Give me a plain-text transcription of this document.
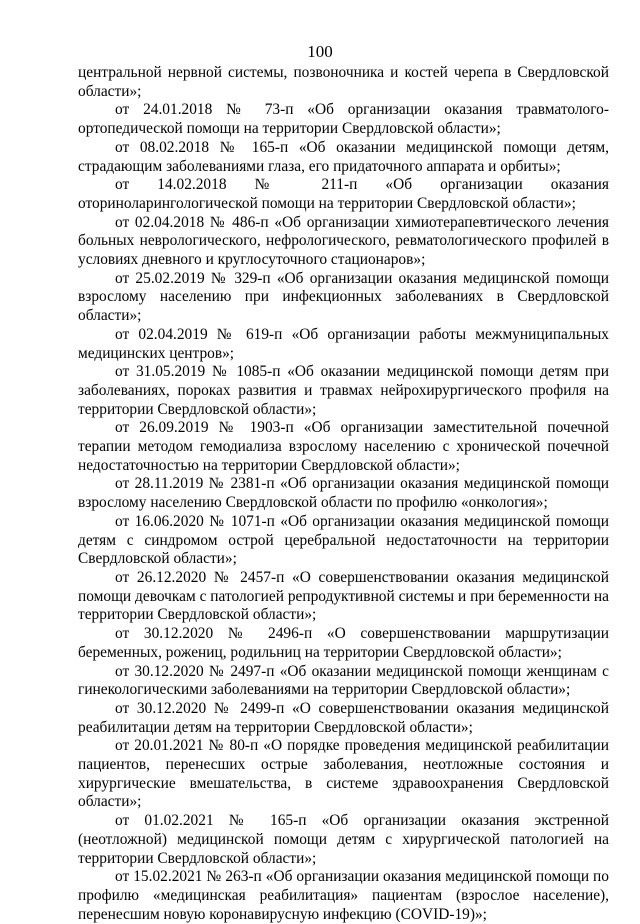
100

центральной нервной системы, позвоночника и костей черепа в Свердловской области»;

от 24.01.2018 № 73-п «Об организации оказания травматолого-ортопедической помощи на территории Свердловской области»;

от 08.02.2018 № 165-п «Об оказании медицинской помощи детям, страдающим заболеваниями глаза, его придаточного аппарата и орбиты»;

от 14.02.2018 № 211-п «Об организации оказания оториноларингологической помощи на территории Свердловской области»;

от 02.04.2018 № 486-п «Об организации химиотерапевтического лечения больных неврологического, нефрологического, ревматологического профилей в условиях дневного и круглосуточного стационаров»;

от 25.02.2019 № 329-п «Об организации оказания медицинской помощи взрослому населению при инфекционных заболеваниях в Свердловской области»;

от 02.04.2019 № 619-п «Об организации работы межмуниципальных медицинских центров»;

от 31.05.2019 № 1085-п «Об оказании медицинской помощи детям при заболеваниях, пороках развития и травмах нейрохирургического профиля на территории Свердловской области»;

от 26.09.2019 № 1903-п «Об организации заместительной почечной терапии методом гемодиализа взрослому населению с хронической почечной недостаточностью на территории Свердловской области»;

от 28.11.2019 № 2381-п «Об организации оказания медицинской помощи взрослому населению Свердловской области по профилю «онкология»;

от 16.06.2020 № 1071-п «Об организации оказания медицинской помощи детям с синдромом острой церебральной недостаточности на территории Свердловской области»;

от 26.12.2020 № 2457-п «О совершенствовании оказания медицинской помощи девочкам с патологией репродуктивной системы и при беременности на территории Свердловской области»;

от 30.12.2020 № 2496-п «О совершенствовании маршрутизации беременных, рожениц, родильниц на территории Свердловской области»;

от 30.12.2020 № 2497-п «Об оказании медицинской помощи женщинам с гинекологическими заболеваниями на территории Свердловской области»;

от 30.12.2020 № 2499-п «О совершенствовании оказания медицинской реабилитации детям на территории Свердловской области»;

от 20.01.2021 № 80-п «О порядке проведения медицинской реабилитации пациентов, перенесших острые заболевания, неотложные состояния и хирургические вмешательства, в системе здравоохранения Свердловской области»;

от 01.02.2021 № 165-п «Об организации оказания экстренной (неотложной) медицинской помощи детям с хирургической патологией на территории Свердловской области»;

от 15.02.2021 № 263-п «Об организации оказания медицинской помощи по профилю «медицинская реабилитация» пациентам (взрослое население), перенесшим новую коронавирусную инфекцию (COVID-19)»;
